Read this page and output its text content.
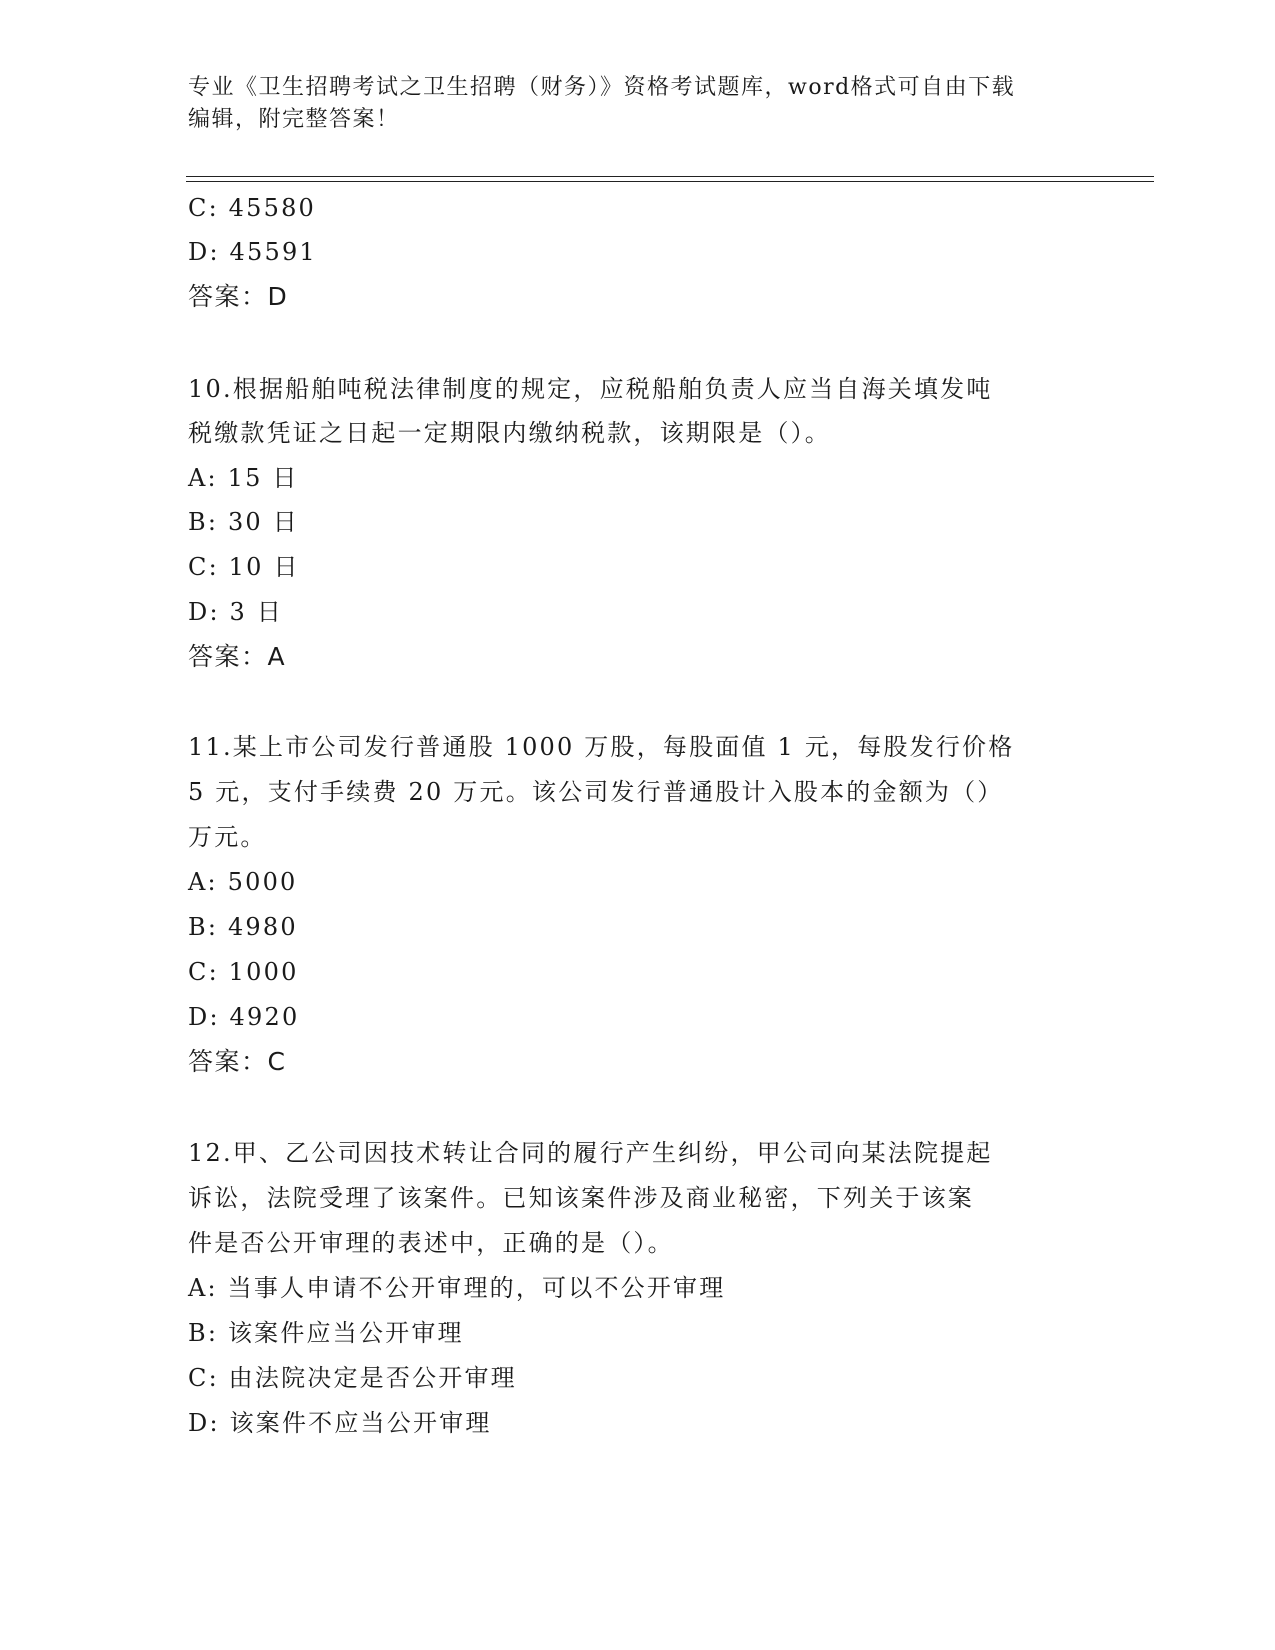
专业《卫生招聘考试之卫生招聘（财务）》资格考试题库，word格式可自由下载
编辑，附完整答案！
C: 45580
D: 45591
答案：D
10.根据船舶吨税法律制度的规定，应税船舶负责人应当自海关填发吨
税缴款凭证之日起一定期限内缴纳税款，该期限是（）。
A: 15 日
B: 30 日
C: 10 日
D: 3 日
答案：A
11.某上市公司发行普通股 1000 万股，每股面值 1 元，每股发行价格
5 元，支付手续费 20 万元。该公司发行普通股计入股本的金额为（）
万元。
A: 5000
B: 4980
C: 1000
D: 4920
答案：C
12.甲、乙公司因技术转让合同的履行产生纠纷，甲公司向某法院提起
诉讼，法院受理了该案件。已知该案件涉及商业秘密，下列关于该案
件是否公开审理的表述中，正确的是（）。
A: 当事人申请不公开审理的，可以不公开审理
B: 该案件应当公开审理
C: 由法院决定是否公开审理
D: 该案件不应当公开审理
